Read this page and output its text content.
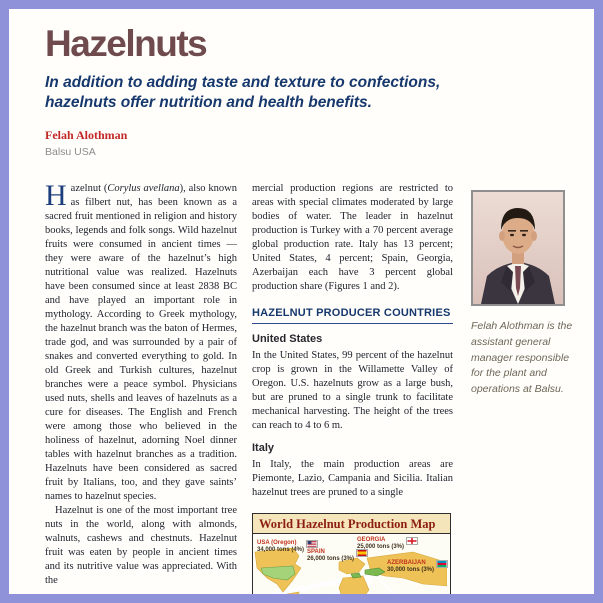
Hazelnuts
In addition to adding taste and texture to confections,
hazelnuts offer nutrition and health benefits.
Felah Alothman
Balsu USA

Hazelnut (Corylus avellana), also known as filbert nut, has been known as a sacred fruit mentioned in religion and history books, legends and folk songs. Wild hazelnut fruits were consumed in ancient times — they were aware of the hazelnut’s high nutritional value was realized. Hazelnuts have been consumed since at least 2838 BC and have played an important role in mythology. According to Greek mythology, the hazelnut branch was the baton of Hermes, trade god, and was surrounded by a pair of snakes and converted everything to gold. In old Greek and Turkish cultures, hazelnut branches were a peace symbol. Physicians used nuts, shells and leaves of hazelnuts as a cure for diseases. The English and French were among those who believed in the holiness of hazelnut, adorning Noel dinner tables with hazelnut branches as a tradition. Hazelnuts have been considered as sacred fruit by Italians, too, and they gave saints’ names to hazelnut species.

Hazelnut is one of the most important tree nuts in the world, along with almonds, walnuts, cashews and chestnuts. Hazelnut fruit was eaten by people in ancient times and its nutritive value was appreciated. With the

mercial production regions are restricted to areas with special climates moderated by large bodies of water. The leader in hazelnut production is Turkey with a 70 percent average global production rate. Italy has 13 percent; United States, 4 percent; Spain, Georgia, Azerbaijan each have 3 percent global production share (Figures 1 and 2).

HAZELNUT PRODUCER COUNTRIES
United States

In the United States, 99 percent of the hazelnut crop is grown in the Willamette Valley of Oregon. U.S. hazelnuts grow as a large bush, but are pruned to a single trunk to facilitate mechanical harvesting. The height of the trees can reach to 4 to 6 m.

Italy

In Italy, the main production areas are Piemonte, Lazio, Campania and Sicilia. Italian hazelnut trees are pruned to a single

World Hazelnut Production Map
USA (Oregon)
34,000 tons (4%) SPAIN
26,000 tons (3%)
GEORGIA
25,000 tons (3%)
AZERBAIJAN
30,000 tons (3%)
Felah Alothman is the assistant general manager responsible for the plant and operations at Balsu.
